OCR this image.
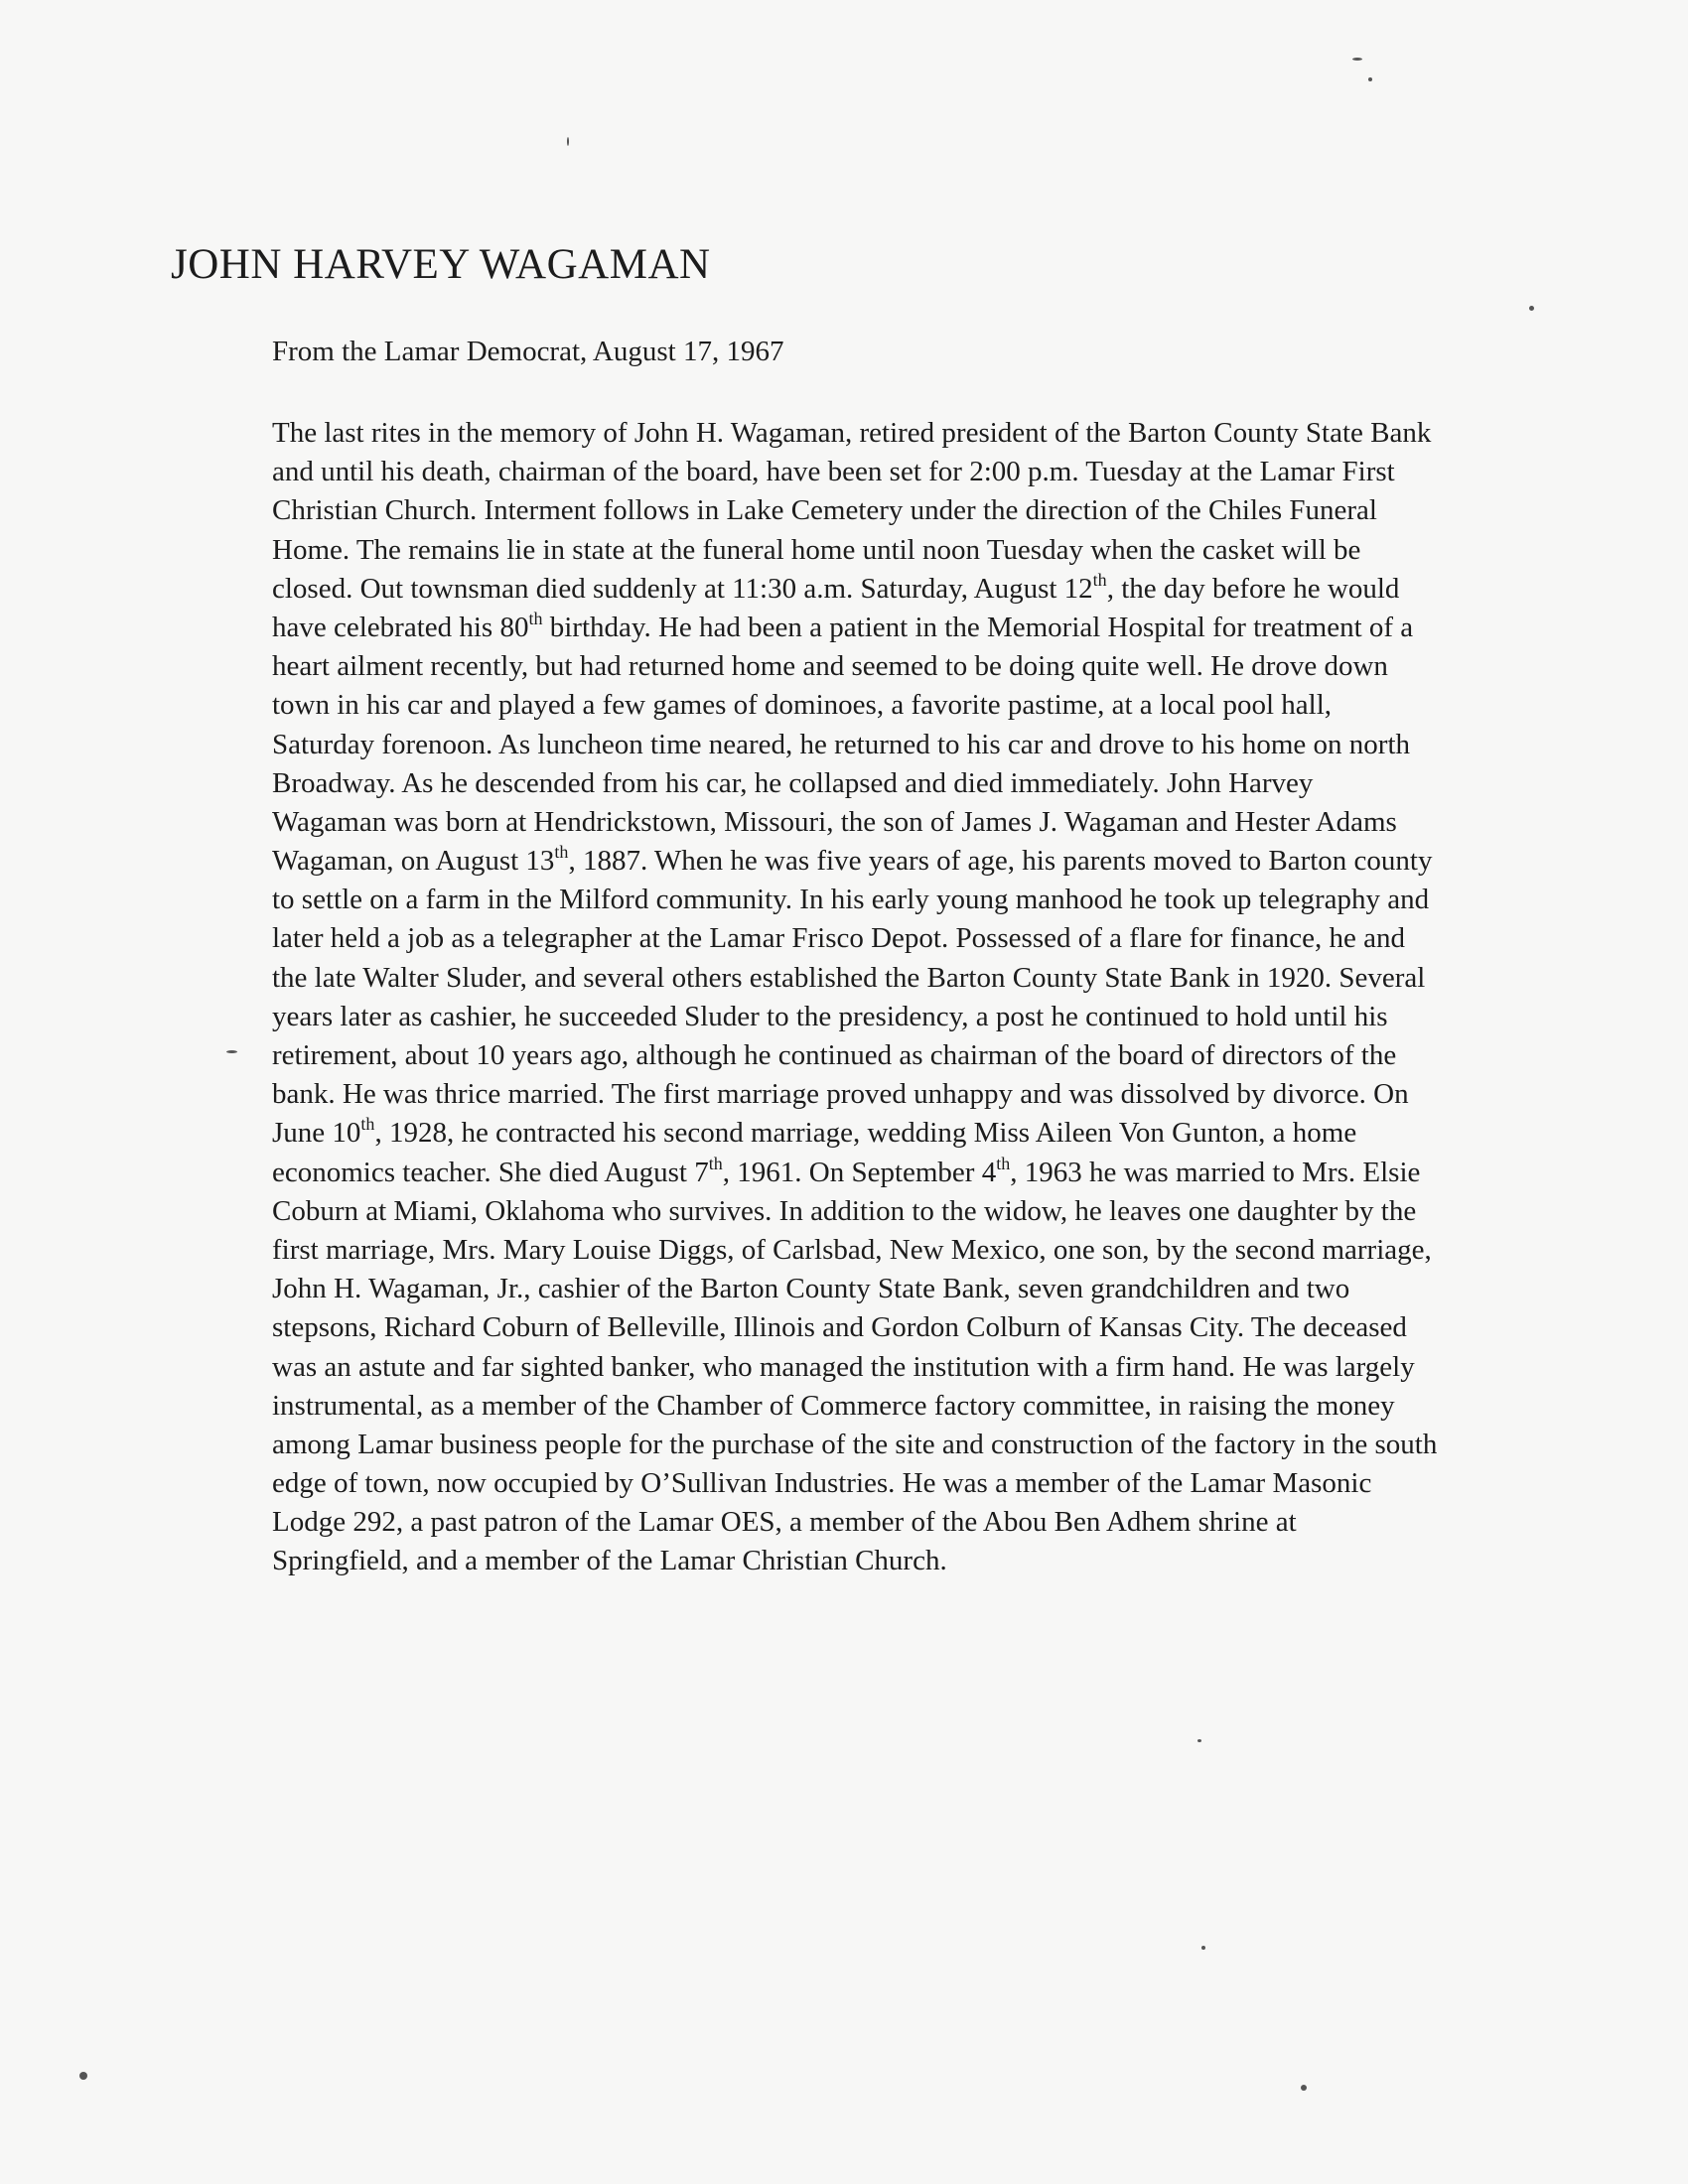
JOHN HARVEY WAGAMAN

From the Lamar Democrat, August 17, 1967

The last rites in the memory of John H. Wagaman, retired president of the Barton County State Bank
and until his death, chairman of the board, have been set for 2:00 p.m. Tuesday at the Lamar First
Christian Church. Interment follows in Lake Cemetery under the direction of the Chiles Funeral
Home. The remains lie in state at the funeral home until noon Tuesday when the casket will be
closed. Out townsman died suddenly at 11:30 a.m. Saturday, August 12th, the day before he would
have celebrated his 80th birthday. He had been a patient in the Memorial Hospital for treatment of a
heart ailment recently, but had returned home and seemed to be doing quite well. He drove down
town in his car and played a few games of dominoes, a favorite pastime, at a local pool hall,
Saturday forenoon. As luncheon time neared, he returned to his car and drove to his home on north
Broadway. As he descended from his car, he collapsed and died immediately. John Harvey
Wagaman was born at Hendrickstown, Missouri, the son of James J. Wagaman and Hester Adams
Wagaman, on August 13th, 1887. When he was five years of age, his parents moved to Barton county
to settle on a farm in the Milford community. In his early young manhood he took up telegraphy and
later held a job as a telegrapher at the Lamar Frisco Depot. Possessed of a flare for finance, he and
the late Walter Sluder, and several others established the Barton County State Bank in 1920. Several
years later as cashier, he succeeded Sluder to the presidency, a post he continued to hold until his
retirement, about 10 years ago, although he continued as chairman of the board of directors of the
bank. He was thrice married. The first marriage proved unhappy and was dissolved by divorce. On
June 10th, 1928, he contracted his second marriage, wedding Miss Aileen Von Gunton, a home
economics teacher. She died August 7th, 1961. On September 4th, 1963 he was married to Mrs. Elsie
Coburn at Miami, Oklahoma who survives. In addition to the widow, he leaves one daughter by the
first marriage, Mrs. Mary Louise Diggs, of Carlsbad, New Mexico, one son, by the second marriage,
John H. Wagaman, Jr., cashier of the Barton County State Bank, seven grandchildren and two
stepsons, Richard Coburn of Belleville, Illinois and Gordon Colburn of Kansas City. The deceased
was an astute and far sighted banker, who managed the institution with a firm hand. He was largely
instrumental, as a member of the Chamber of Commerce factory committee, in raising the money
among Lamar business people for the purchase of the site and construction of the factory in the south
edge of town, now occupied by O’Sullivan Industries. He was a member of the Lamar Masonic
Lodge 292, a past patron of the Lamar OES, a member of the Abou Ben Adhem shrine at
Springfield, and a member of the Lamar Christian Church.
